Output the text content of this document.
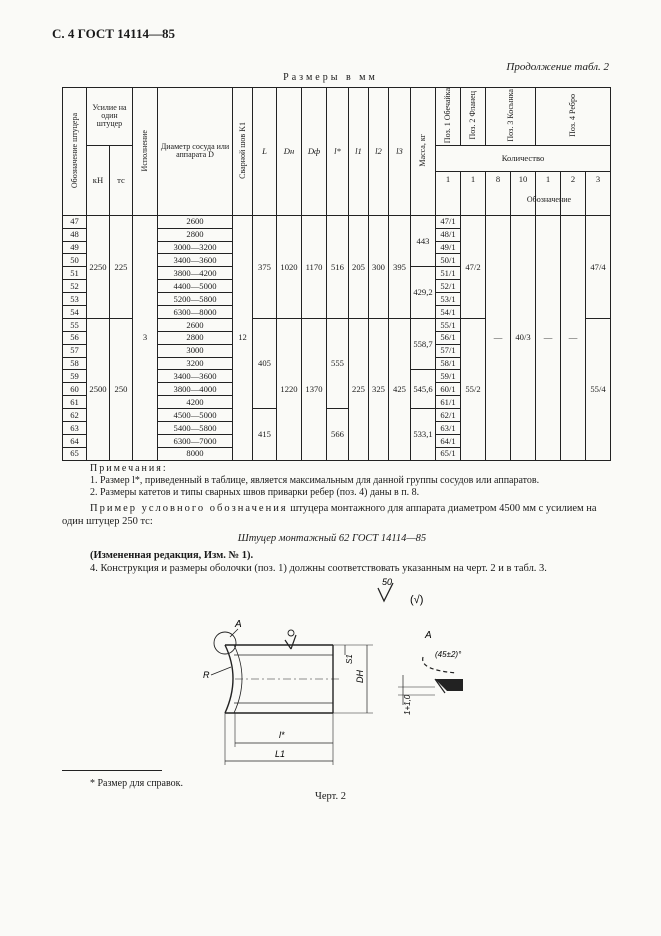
С. 4 ГОСТ 14114—85
Продолжение табл. 2
Размеры в мм
Обозначение штуцера	Усилие на один штуцер		Исполнение	Диаметр сосуда или аппарата D	Сварной шов K1	L	Dн	Dф	l*	l1	l2	l3	Масса, кг	Поз. 1 Обечайка	Поз. 2 Фланец	Поз. 3 Косынка		Поз. 4 Ребро		
	кН	тс												Количество						
														1	1	8	10	1	2	3
47	2250	225	3	2600	12	375	1020	1170	516	205	300	395	443	47/1	47/2	—	40/3	—	—	47/4
48				2800										48/1						
49				3000—3200										49/1						
50				3400—3600										50/1						
51				3800—4200									429,2	51/1						
52				4400—5000										52/1						
53				5200—5800										53/1						
54				6300—8000										54/1						
55	2500	250		2600		405	1220	1370	555	225	325	425	558,7	55/1	55/2					55/4
56				2800										56/1						
57				3000										57/1						
58				3200										58/1						
59				3400—3600									545,6	59/1						
60				3800—4000										60/1						
61				4200										61/1						
62				4500—5000		415			566				533,1	62/1						
63				5400—5800										63/1						
64				6300—7000										64/1						
65				8000										65/1						
Обозначение
Примечания:
1. Размер l*, приведенный в таблице, является максимальным для данной группы сосудов или аппаратов.
2. Размеры катетов и типы сварных швов приварки ребер (поз. 4) даны в п. 8.

Пример условного обозначения штуцера монтажного для аппарата диаметром 4500 мм с усилием на один штуцер 250 тс:

Штуцер монтажный 62 ГОСТ 14114—85

(Измененная редакция, Изм. № 1).

4. Конструкция и размеры оболочки (поз. 1) должны соответствовать указанным на черт. 2 и в табл. 3.

50
(√)
A
R	DH
S1
l*
L1
A
(45±2)°
1+1,0
* Размер для справок.
Черт. 2
